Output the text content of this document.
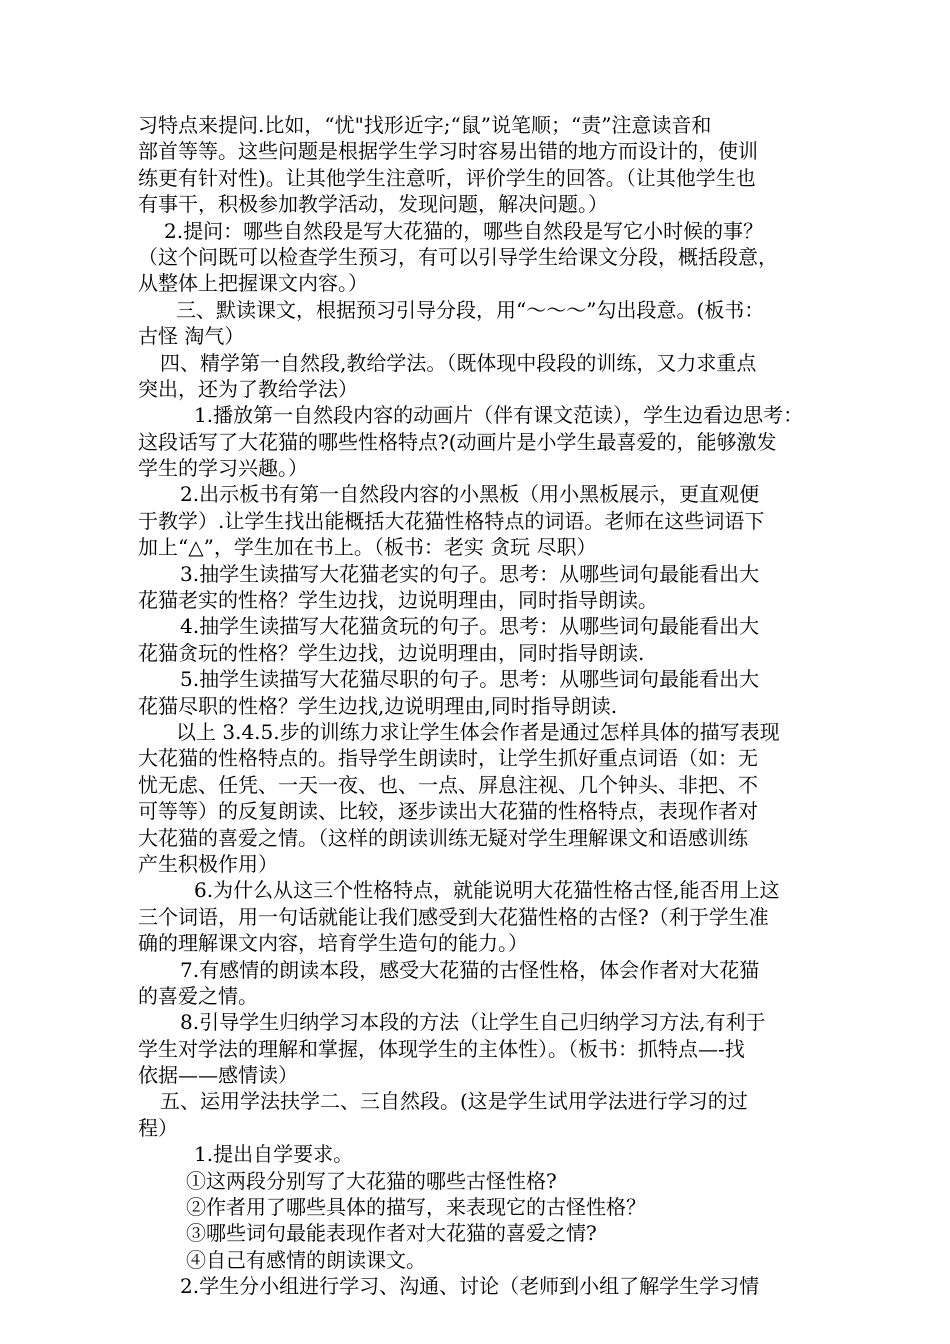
习特点来提问.比如，“忧"找形近字;“鼠”说笔顺；“责”注意读音和
部首等等。这些问题是根据学生学习时容易出错的地方而设计的，使训
练更有针对性)。让其他学生注意听，评价学生的回答。（让其他学生也
有事干，积极参加教学活动，发现问题，解决问题。）
2.提问：哪些自然段是写大花猫的，哪些自然段是写它小时候的事？
（这个问既可以检查学生预习，有可以引导学生给课文分段，概括段意，
从整体上把握课文内容。）
三、默读课文，根据预习引导分段，用“～～～”勾出段意。(板书：
古怪 淘气）
四、精学第一自然段,教给学法。（既体现中段段的训练，又力求重点
突出，还为了教给学法）
1.播放第一自然段内容的动画片（伴有课文范读），学生边看边思考：
这段话写了大花猫的哪些性格特点?(动画片是小学生最喜爱的，能够激发
学生的学习兴趣。）
2.出示板书有第一自然段内容的小黑板（用小黑板展示，更直观便
于教学）.让学生找出能概括大花猫性格特点的词语。老师在这些词语下
加上“△”，学生加在书上。（板书：老实 贪玩 尽职）
3.抽学生读描写大花猫老实的句子。思考：从哪些词句最能看出大
花猫老实的性格？学生边找，边说明理由，同时指导朗读。
4.抽学生读描写大花猫贪玩的句子。思考：从哪些词句最能看出大
花猫贪玩的性格？学生边找，边说明理由，同时指导朗读.
5.抽学生读描写大花猫尽职的句子。思考：从哪些词句最能看出大
花猫尽职的性格？学生边找,边说明理由,同时指导朗读.
以上 3.4.5.步的训练力求让学生体会作者是通过怎样具体的描写表现
大花猫的性格特点的。指导学生朗读时，让学生抓好重点词语（如：无
忧无虑、任凭、一天一夜、也、一点、屏息注视、几个钟头、非把、不
可等等）的反复朗读、比较，逐步读出大花猫的性格特点，表现作者对
大花猫的喜爱之情。（这样的朗读训练无疑对学生理解课文和语感训练
产生积极作用）
6.为什么从这三个性格特点，就能说明大花猫性格古怪,能否用上这
三个词语，用一句话就能让我们感受到大花猫性格的古怪?（利于学生准
确的理解课文内容，培育学生造句的能力。）
7.有感情的朗读本段，感受大花猫的古怪性格，体会作者对大花猫
的喜爱之情。
8.引导学生归纳学习本段的方法（让学生自己归纳学习方法,有利于
学生对学法的理解和掌握，体现学生的主体性）。（板书：抓特点—-找
依据——感情读）
五、运用学法扶学二、三自然段。(这是学生试用学法进行学习的过
程）
1.提出自学要求。
①这两段分别写了大花猫的哪些古怪性格?
②作者用了哪些具体的描写，来表现它的古怪性格？
③哪些词句最能表现作者对大花猫的喜爱之情?
④自己有感情的朗读课文。
2.学生分小组进行学习、沟通、讨论（老师到小组了解学生学习情
